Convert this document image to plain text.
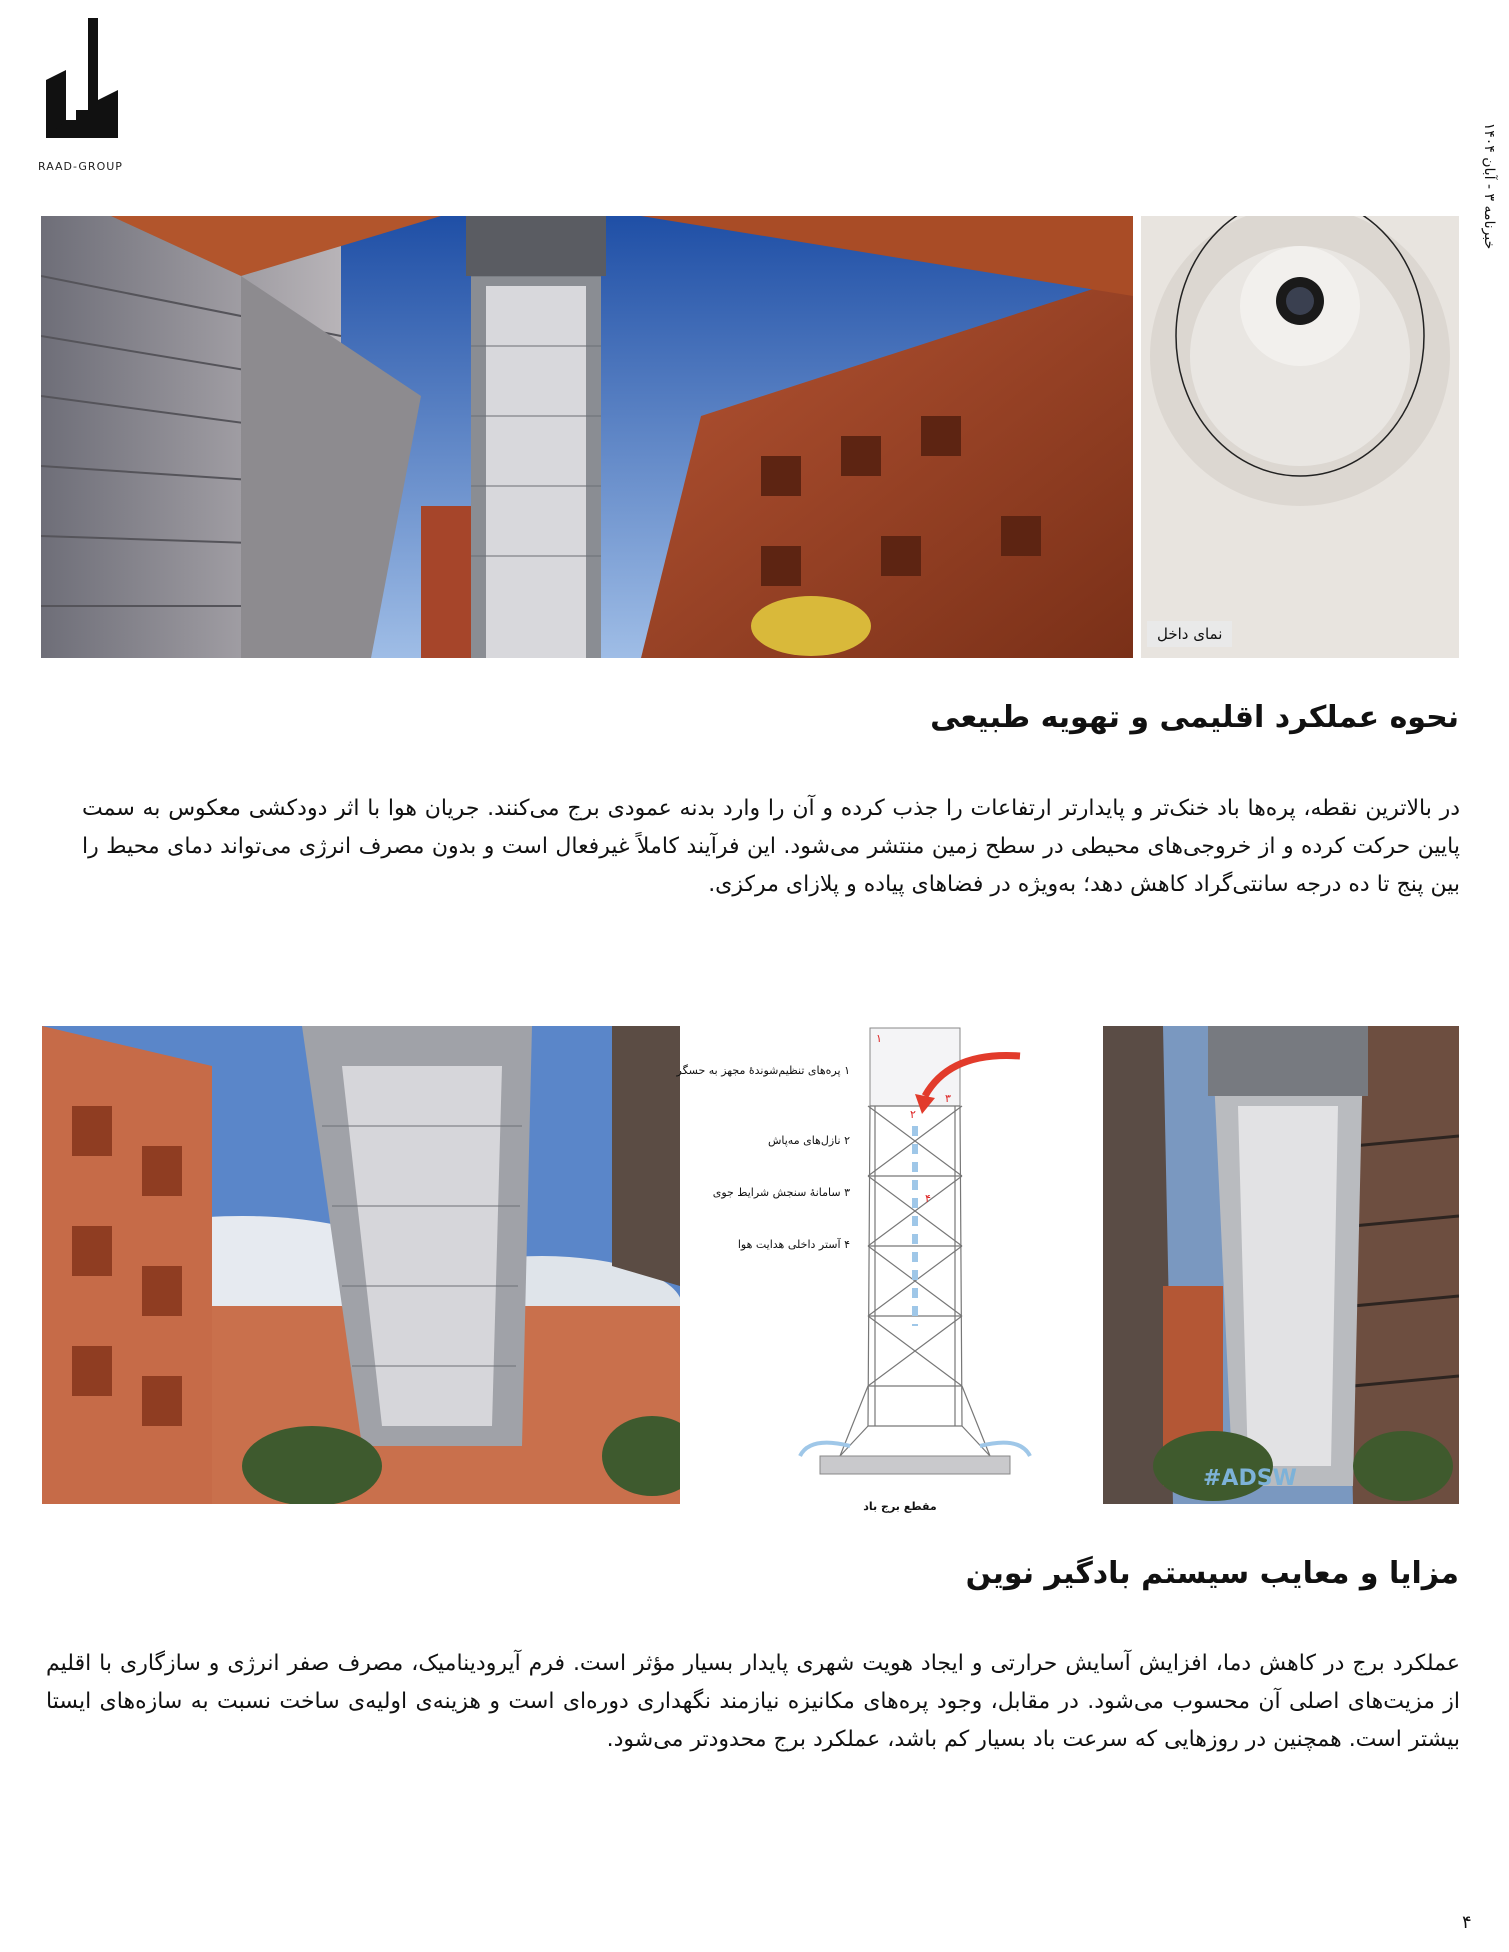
RAAD-GROUP
خبرنامه ۳ - آبان ۱۴۰۴
نمای داخل
نحوه عملکرد اقلیمی و تهویه طبیعی

در بالاترین نقطه، پره‌ها باد خنک‌تر و پایدارتر ارتفاعات را جذب کرده و آن را وارد بدنه عمودی برج می‌کنند. جریان هوا با اثر دودکشی معکوس به سمت پایین حرکت کرده و از خروجی‌های محیطی در سطح زمین منتشر می‌شود. این فرآیند کاملاً غیرفعال است و بدون مصرف انرژی می‌تواند دمای محیط را بین پنج تا ده درجه سانتی‌گراد کاهش دهد؛ به‌ویژه در فضاهای پیاده و پلازای مرکزی.

۱
۲
۳
۴
۱ پره‌های تنظیم‌شوندهٔ مجهز به حسگر
۲ نازل‌های مه‌پاش
۳ سامانهٔ سنجش شرایط جوی
۴ آستر داخلی هدایت هوا
مقطع برج باد
#ADSW
مزایا و معایب سیستم بادگیر نوین

عملکرد برج در کاهش دما، افزایش آسایش حرارتی و ایجاد هویت شهری پایدار بسیار مؤثر است. فرم آیرودینامیک، مصرف صفر انرژی و سازگاری با اقلیم از مزیت‌های اصلی آن محسوب می‌شود. در مقابل، وجود پره‌های مکانیزه نیازمند نگهداری دوره‌ای است و هزینه‌ی اولیه‌ی ساخت نسبت به سازه‌های ایستا بیشتر است. همچنین در روزهایی که سرعت باد بسیار کم باشد، عملکرد برج محدودتر می‌شود.

۴
